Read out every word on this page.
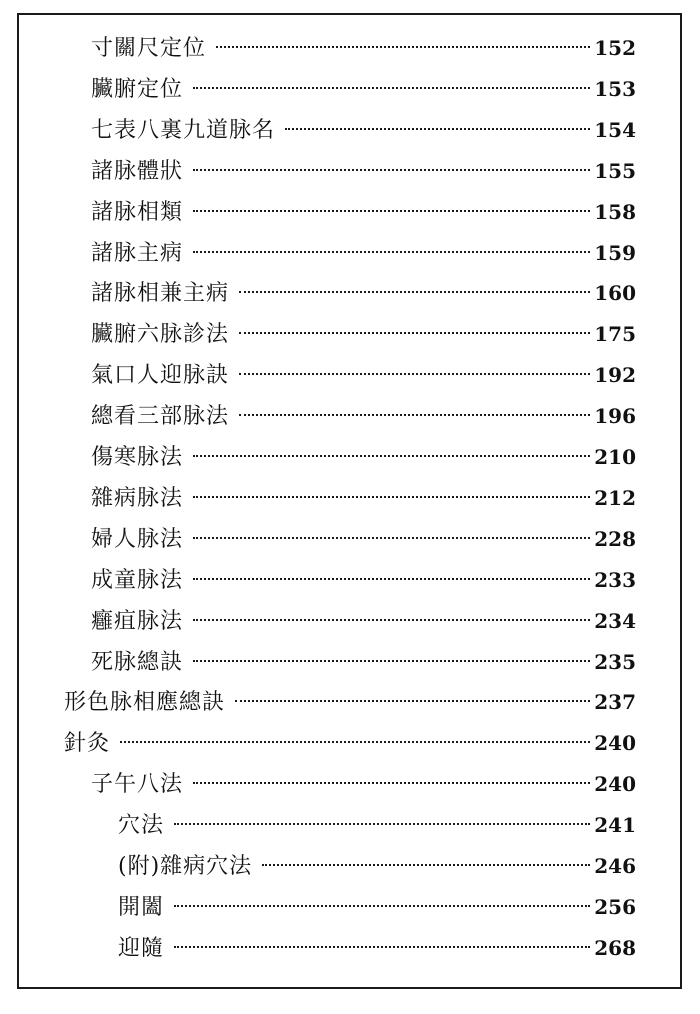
寸關尺定位	152
臟腑定位	153
七表八裏九道脉名	154
諸脉體狀	155
諸脉相類	158
諸脉主病	159
諸脉相兼主病	160
臟腑六脉診法	175
氣口人迎脉訣	192
總看三部脉法	196
傷寒脉法	210
雜病脉法	212
婦人脉法	228
成童脉法	233
癰疽脉法	234
死脉總訣	235
形色脉相應總訣	237
針灸	240
子午八法	240
穴法	241
(附)雜病穴法	246
開闔	256
迎隨	268
